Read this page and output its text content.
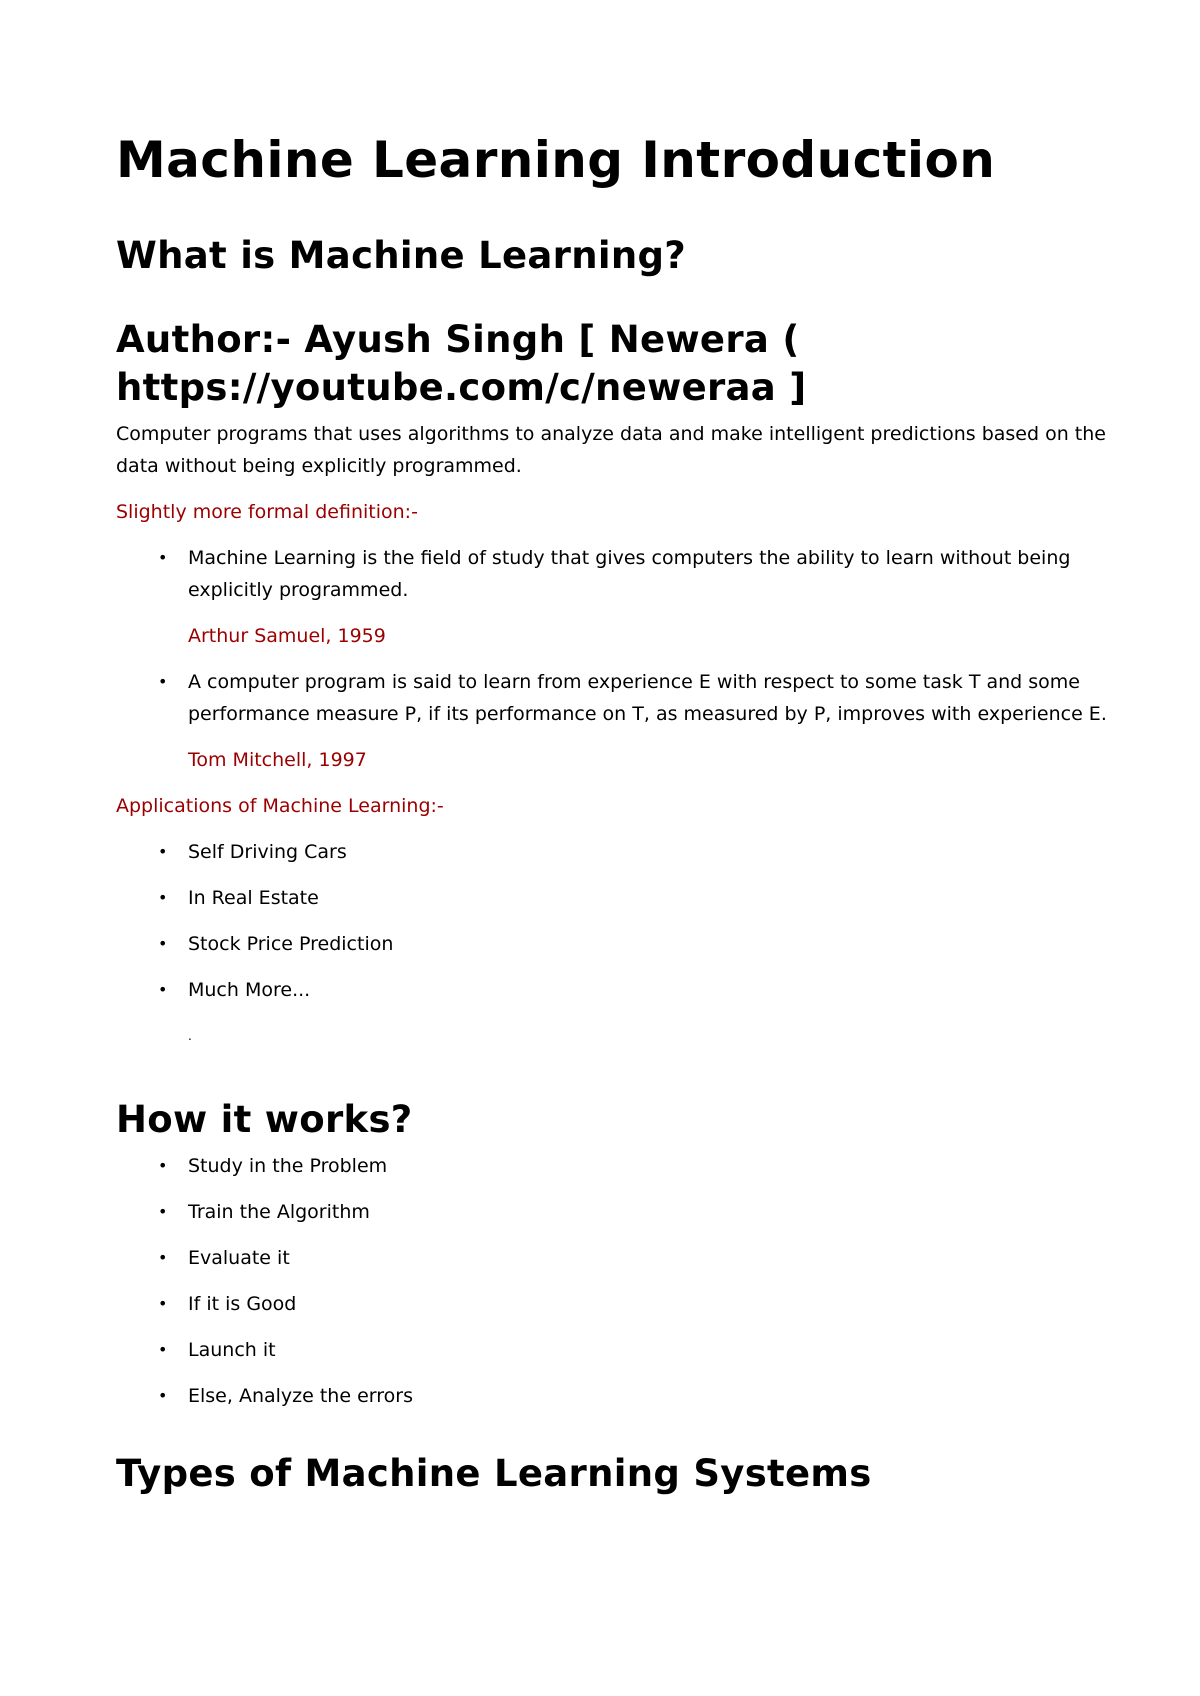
Machine Learning Introduction
What is Machine Learning?
Author:- Ayush Singh [ Newera (
https://youtube.com/c/neweraa ]

Computer programs that uses algorithms to analyze data and make intelligent predictions based on the data without being explicitly programmed.

Slightly more formal definition:-

• Machine Learning is the field of study that gives computers the ability to learn without being explicitly programmed.
Arthur Samuel, 1959
• A computer program is said to learn from experience E with respect to some task T and some performance measure P, if its performance on T, as measured by P, improves with experience E.
Tom Mitchell, 1997

Applications of Machine Learning:-

• Self Driving Cars
• In Real Estate
• Stock Price Prediction
• Much More...
.
How it works?
• Study in the Problem
• Train the Algorithm
• Evaluate it
• If it is Good
• Launch it
• Else, Analyze the errors
Types of Machine Learning Systems
